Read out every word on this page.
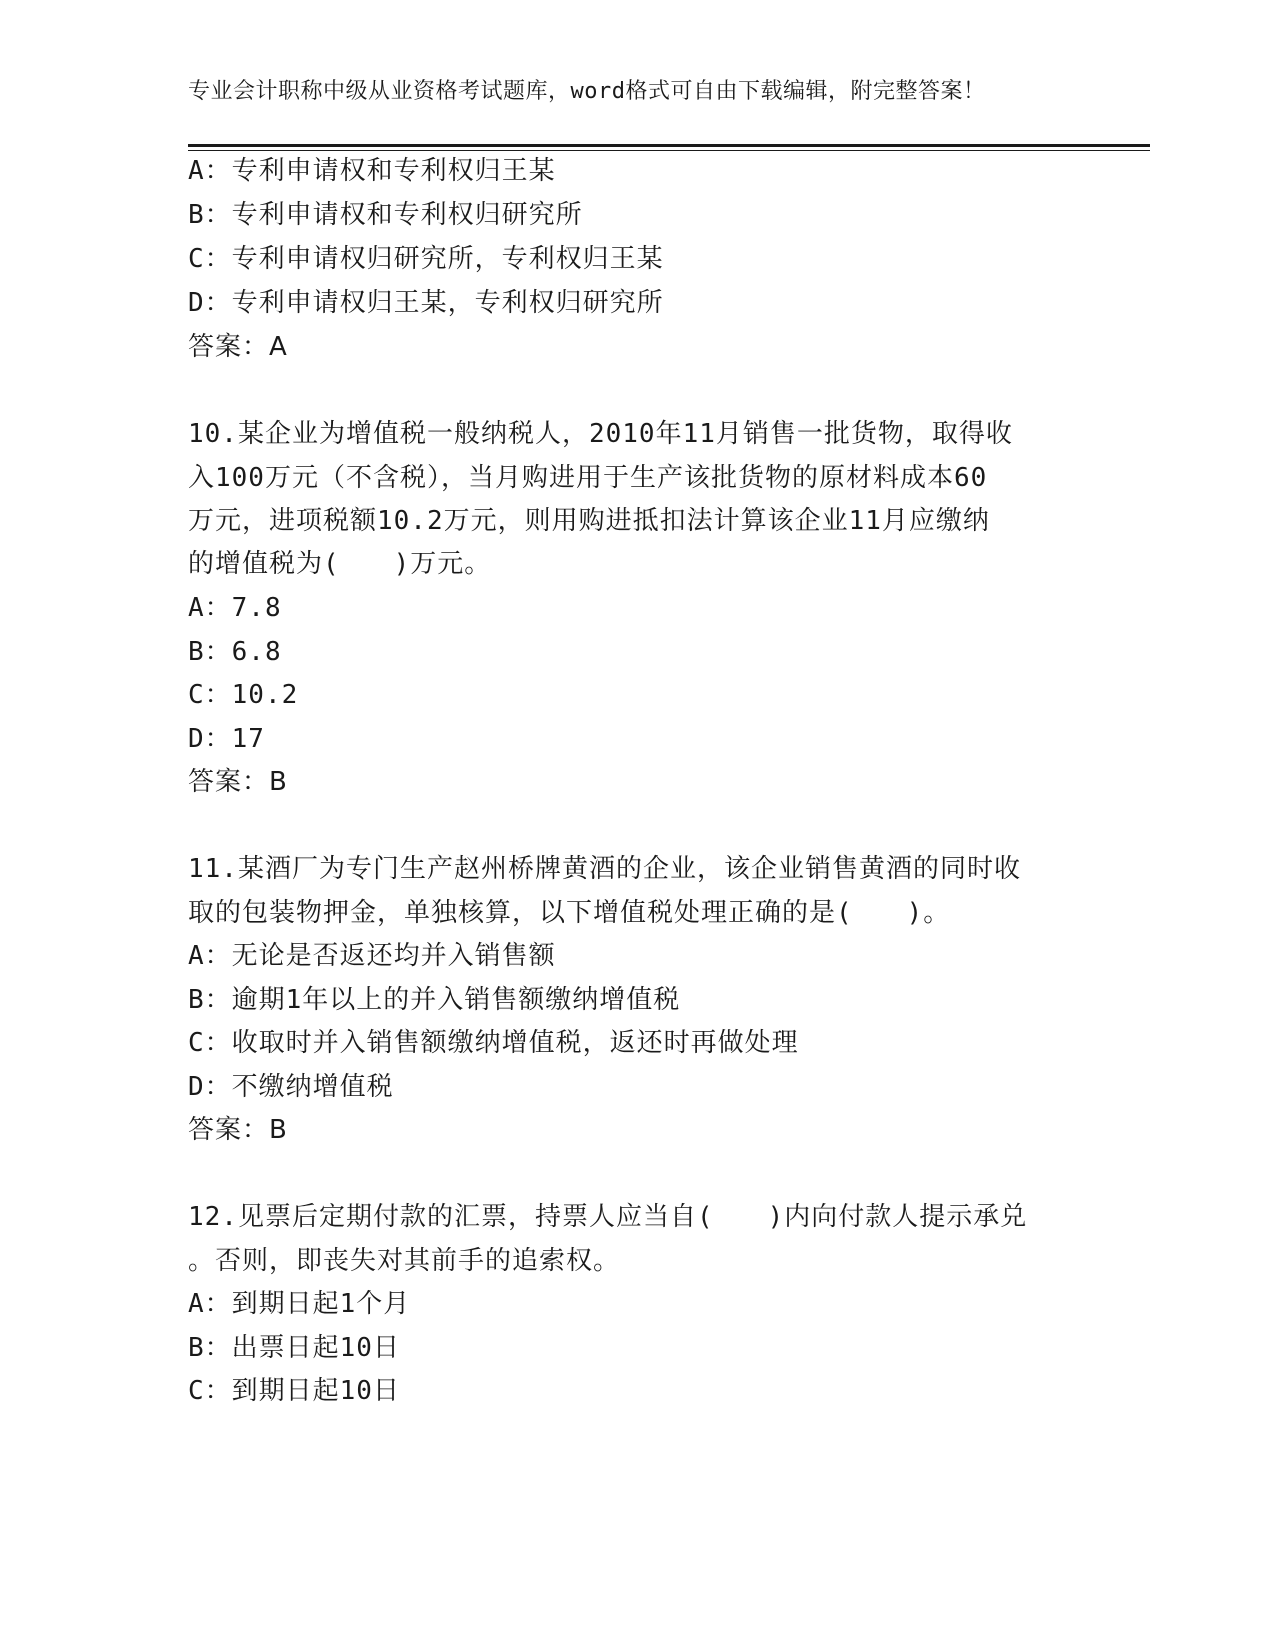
专业会计职称中级从业资格考试题库，word格式可自由下载编辑，附完整答案！
A：专利申请权和专利权归王某
B：专利申请权和专利权归研究所
C：专利申请权归研究所，专利权归王某
D：专利申请权归王某，专利权归研究所
答案：A
10.某企业为增值税一般纳税人，2010年11月销售一批货物，取得收
入100万元（不含税），当月购进用于生产该批货物的原材料成本60
万元，进项税额10.2万元，则用购进抵扣法计算该企业11月应缴纳
的增值税为(　　)万元。
A：7.8
B：6.8
C：10.2
D：17
答案：B
11.某酒厂为专门生产赵州桥牌黄酒的企业，该企业销售黄酒的同时收
取的包装物押金，单独核算，以下增值税处理正确的是(　　)。
A：无论是否返还均并入销售额
B：逾期1年以上的并入销售额缴纳增值税
C：收取时并入销售额缴纳增值税，返还时再做处理
D：不缴纳增值税
答案：B
12.见票后定期付款的汇票，持票人应当自(　　)内向付款人提示承兑
。否则，即丧失对其前手的追索权。
A：到期日起1个月
B：出票日起10日
C：到期日起10日
